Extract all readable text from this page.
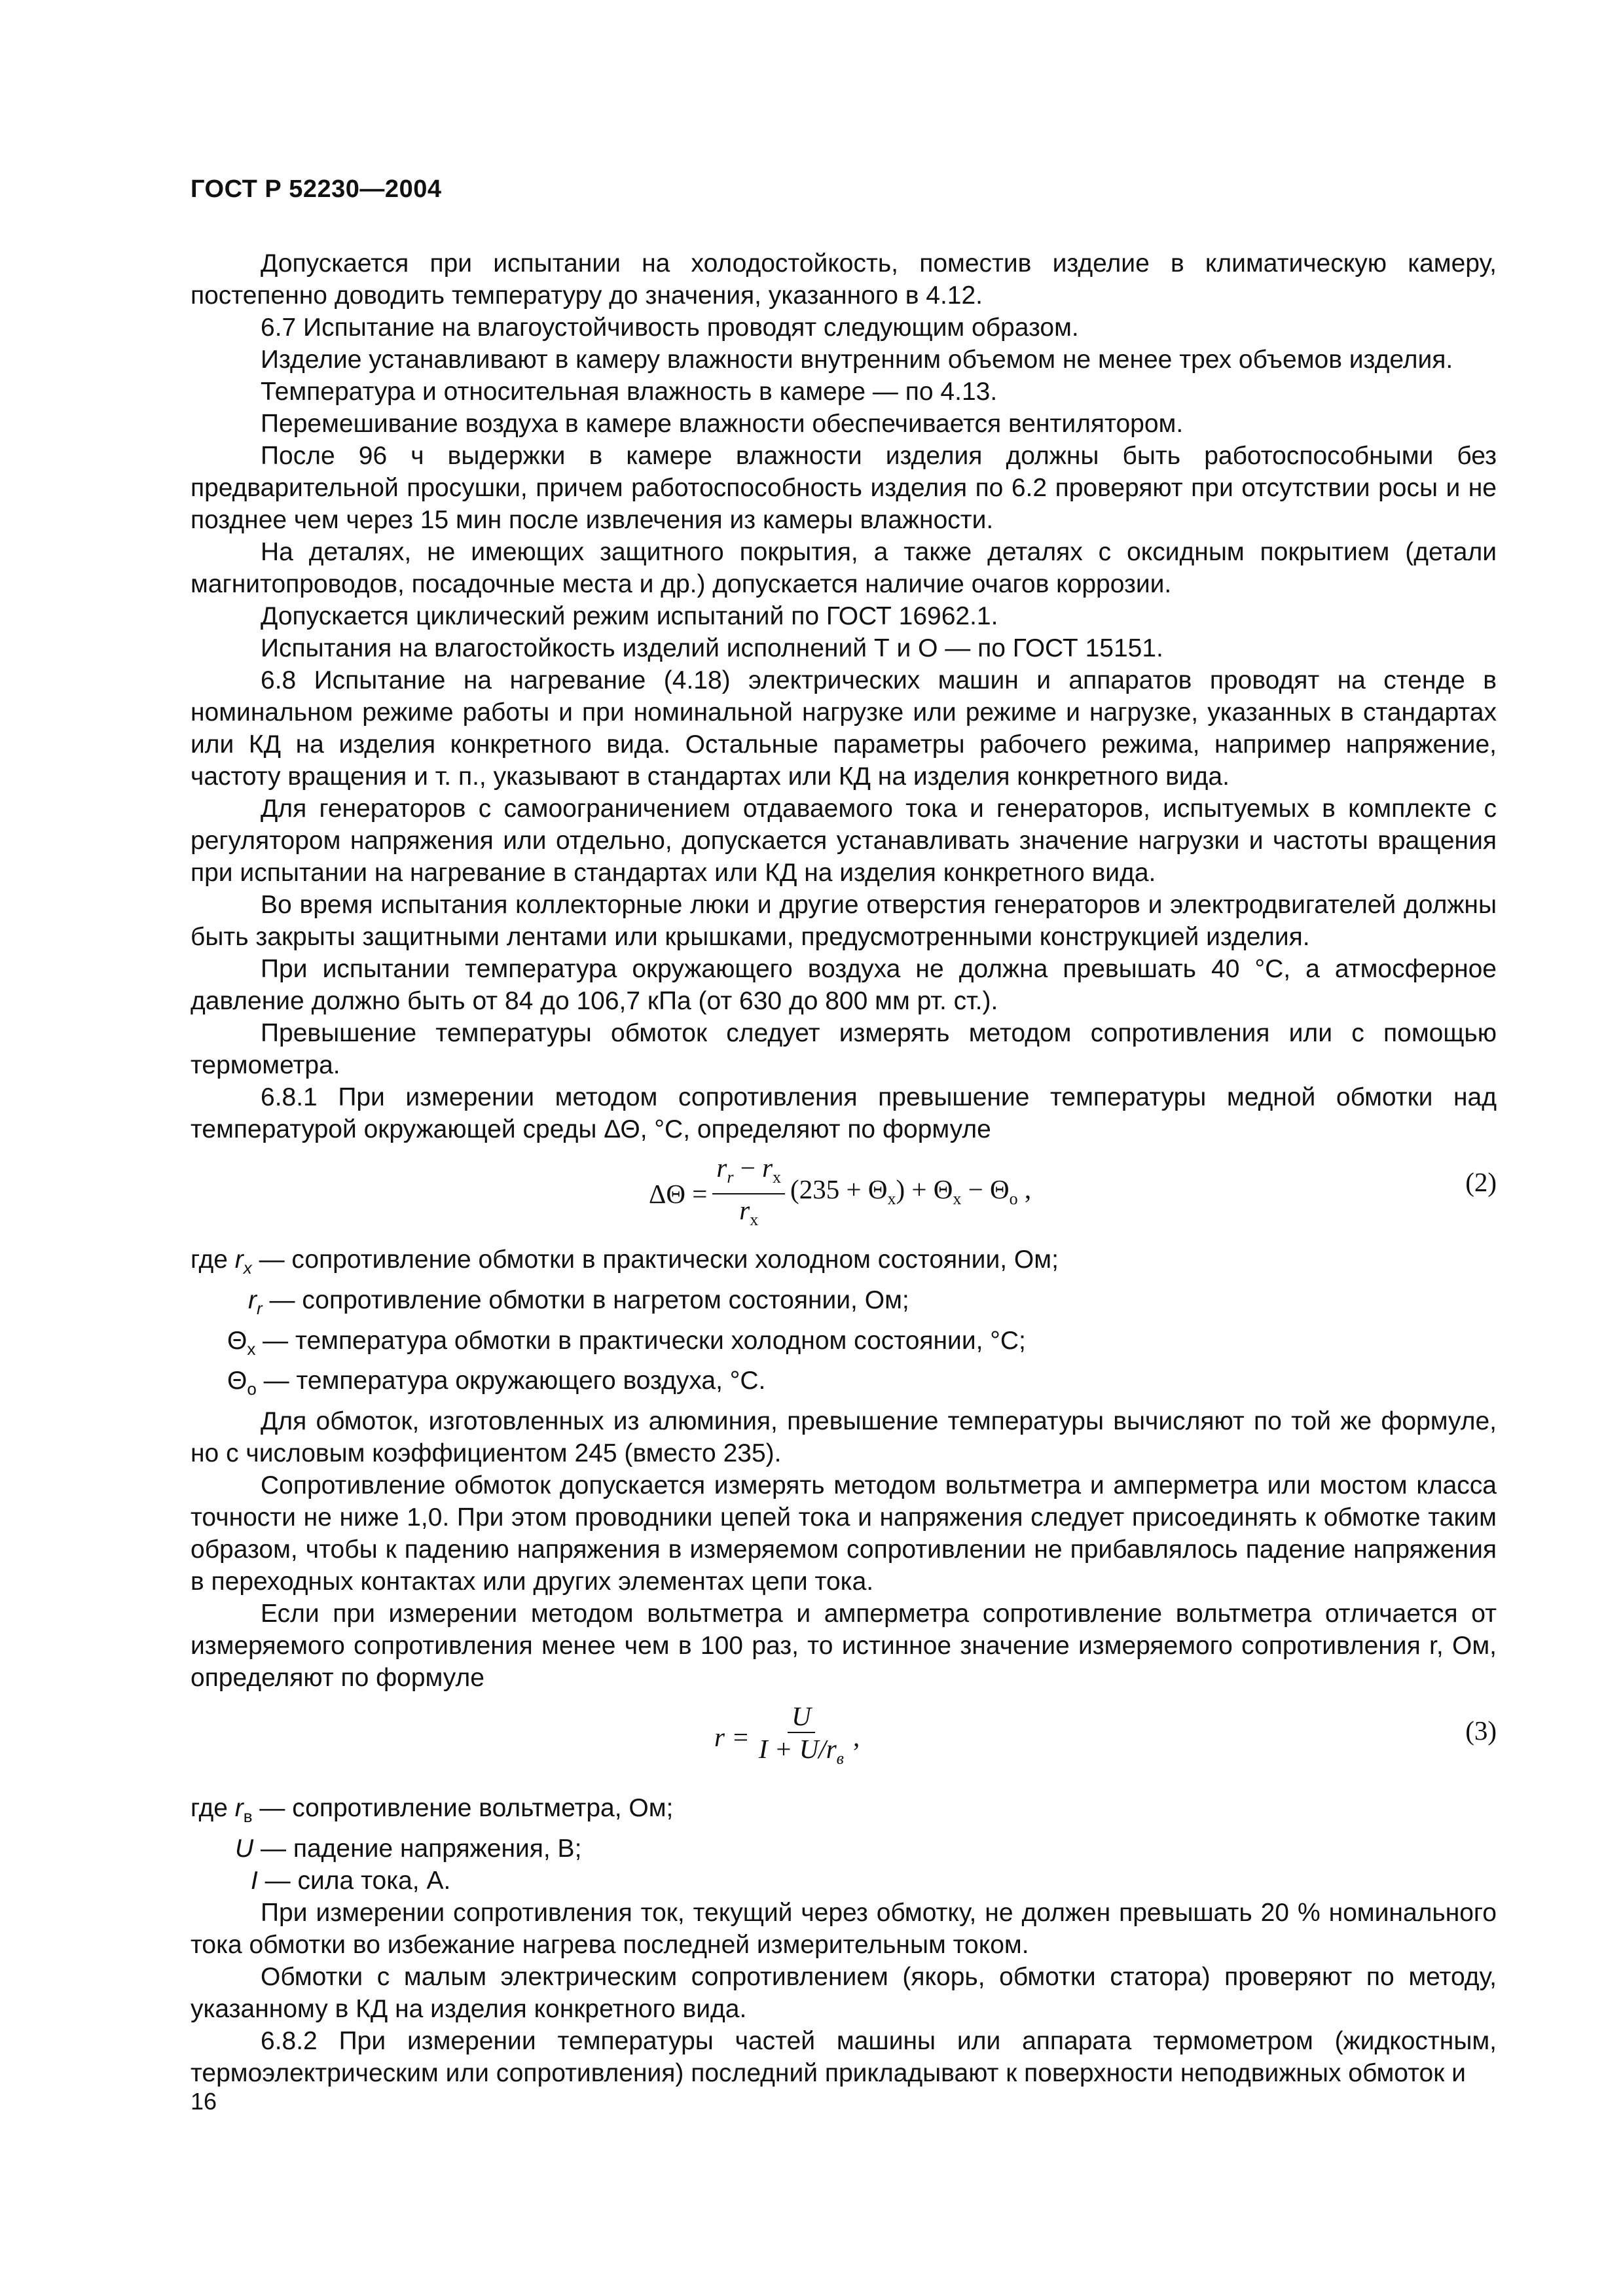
ГОСТ Р 52230—2004

Допускается при испытании на холодостойкость, поместив изделие в климатическую камеру, постепенно доводить температуру до значения, указанного в 4.12.

6.7 Испытание на влагоустойчивость проводят следующим образом.

Изделие устанавливают в камеру влажности внутренним объемом не менее трех объемов изделия.

Температура и относительная влажность в камере — по 4.13.

Перемешивание воздуха в камере влажности обеспечивается вентилятором.

После 96 ч выдержки в камере влажности изделия должны быть работоспособными без предварительной просушки, причем работоспособность изделия по 6.2 проверяют при отсутствии росы и не позднее чем через 15 мин после извлечения из камеры влажности.

На деталях, не имеющих защитного покрытия, а также деталях с оксидным покрытием (детали магнитопроводов, посадочные места и др.) допускается наличие очагов коррозии.

Допускается циклический режим испытаний по ГОСТ 16962.1.

Испытания на влагостойкость изделий исполнений Т и О — по ГОСТ 15151.

6.8 Испытание на нагревание (4.18) электрических машин и аппаратов проводят на стенде в номинальном режиме работы и при номинальной нагрузке или режиме и нагрузке, указанных в стандартах или КД на изделия конкретного вида. Остальные параметры рабочего режима, например напряжение, частоту вращения и т. п., указывают в стандартах или КД на изделия конкретного вида.

Для генераторов с самоограничением отдаваемого тока и генераторов, испытуемых в комплекте с регулятором напряжения или отдельно, допускается устанавливать значение нагрузки и частоты вращения при испытании на нагревание в стандартах или КД на изделия конкретного вида.

Во время испытания коллекторные люки и другие отверстия генераторов и электродвигателей должны быть закрыты защитными лентами или крышками, предусмотренными конструкцией изделия.

При испытании температура окружающего воздуха не должна превышать 40 °С, а атмосферное давление должно быть от 84 до 106,7 кПа (от 630 до 800 мм рт. ст.).

Превышение температуры обмоток следует измерять методом сопротивления или с помощью термометра.

6.8.1 При измерении методом сопротивления превышение температуры медной обмотки над температурой окружающей среды ΔΘ, °С, определяют по формуле

$\Delta\Theta = \frac{r_r - r_x}{r_x} (235 + \Theta_x) + \Theta_x - \Theta_o$ ,	(2)
где $r_x$ — сопротивление обмотки в практически холодном состоянии, Ом;
$r_r$ — сопротивление обмотки в нагретом состоянии, Ом;
$\Theta_x$ — температура обмотки в практически холодном состоянии, °С;
$\Theta_o$ — температура окружающего воздуха, °С.

Для обмоток, изготовленных из алюминия, превышение температуры вычисляют по той же формуле, но с числовым коэффициентом 245 (вместо 235).

Сопротивление обмоток допускается измерять методом вольтметра и амперметра или мостом класса точности не ниже 1,0. При этом проводники цепей тока и напряжения следует присоединять к обмотке таким образом, чтобы к падению напряжения в измеряемом сопротивлении не прибавлялось падение напряжения в переходных контактах или других элементах цепи тока.

Если при измерении методом вольтметра и амперметра сопротивление вольтметра отличается от измеряемого сопротивления менее чем в 100 раз, то истинное значение измеряемого сопротивления r, Ом, определяют по формуле

$r = \frac{U}{I + U/r_в}$ ,	(3)
где $r_в$ — сопротивление вольтметра, Ом;
U — падение напряжения, В;
I — сила тока, А.

При измерении сопротивления ток, текущий через обмотку, не должен превышать 20 % номинального тока обмотки во избежание нагрева последней измерительным током.

Обмотки с малым электрическим сопротивлением (якорь, обмотки статора) проверяют по методу, указанному в КД на изделия конкретного вида.

6.8.2 При измерении температуры частей машины или аппарата термометром (жидкостным, термоэлектрическим или сопротивления) последний прикладывают к поверхности неподвижных обмоток и

16
